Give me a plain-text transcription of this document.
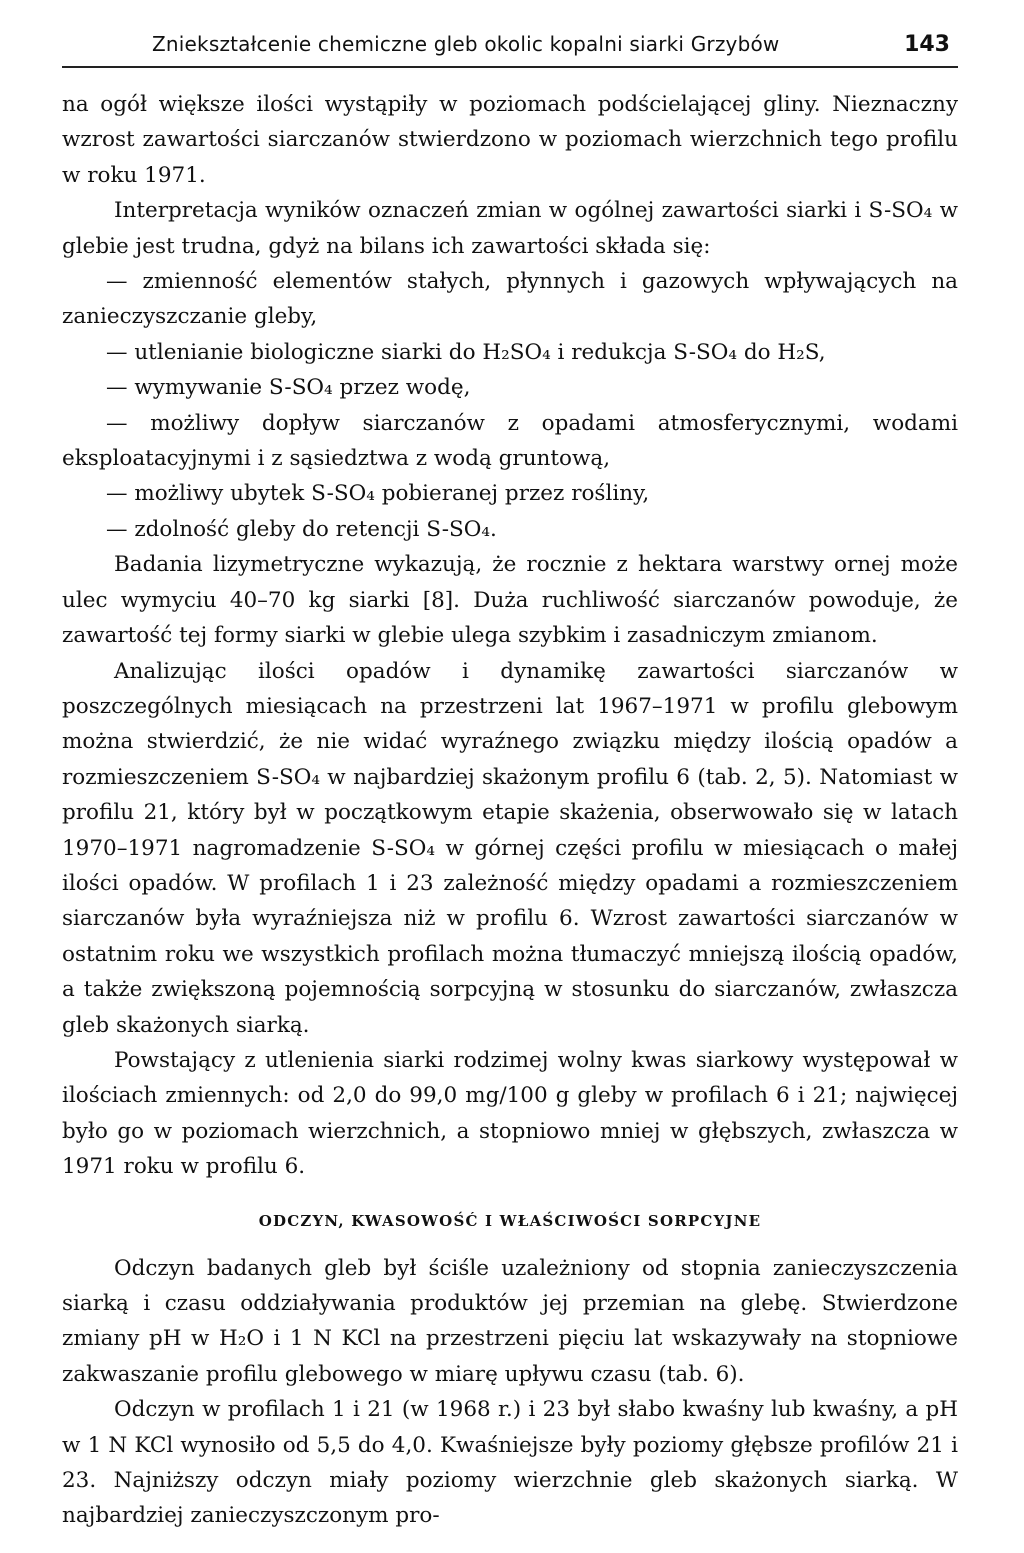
Zniekształcenie chemiczne gleb okolic kopalni siarki Grzybów	143

na ogół większe ilości wystąpiły w poziomach podścielającej gliny. Nieznaczny wzrost zawartości siarczanów stwierdzono w poziomach wierzchnich tego profilu w roku 1971.

Interpretacja wyników oznaczeń zmian w ogólnej zawartości siarki i S-SO₄ w glebie jest trudna, gdyż na bilans ich zawartości składa się:

— zmienność elementów stałych, płynnych i gazowych wpływających na zanieczyszczanie gleby,

— utlenianie biologiczne siarki do H₂SO₄ i redukcja S-SO₄ do H₂S,

— wymywanie S-SO₄ przez wodę,

— możliwy dopływ siarczanów z opadami atmosferycznymi, wodami eksploatacyjnymi i z sąsiedztwa z wodą gruntową,

— możliwy ubytek S-SO₄ pobieranej przez rośliny,

— zdolność gleby do retencji S-SO₄.

Badania lizymetryczne wykazują, że rocznie z hektara warstwy ornej może ulec wymyciu 40–70 kg siarki [8]. Duża ruchliwość siarczanów powoduje, że zawartość tej formy siarki w glebie ulega szybkim i zasadniczym zmianom.

Analizując ilości opadów i dynamikę zawartości siarczanów w poszczególnych miesiącach na przestrzeni lat 1967–1971 w profilu glebowym można stwierdzić, że nie widać wyraźnego związku między ilością opadów a rozmieszczeniem S-SO₄ w najbardziej skażonym profilu 6 (tab. 2, 5). Natomiast w profilu 21, który był w początkowym etapie skażenia, obserwowało się w latach 1970–1971 nagromadzenie S-SO₄ w górnej części profilu w miesiącach o małej ilości opadów. W profilach 1 i 23 zależność między opadami a rozmieszczeniem siarczanów była wyraźniejsza niż w profilu 6. Wzrost zawartości siarczanów w ostatnim roku we wszystkich profilach można tłumaczyć mniejszą ilością opadów, a także zwiększoną pojemnością sorpcyjną w stosunku do siarczanów, zwłaszcza gleb skażonych siarką.

Powstający z utlenienia siarki rodzimej wolny kwas siarkowy występował w ilościach zmiennych: od 2,0 do 99,0 mg/100 g gleby w profilach 6 i 21; najwięcej było go w poziomach wierzchnich, a stopniowo mniej w głębszych, zwłaszcza w 1971 roku w profilu 6.

ODCZYN, KWASOWOŚĆ I WŁAŚCIWOŚCI SORPCYJNE

Odczyn badanych gleb był ściśle uzależniony od stopnia zanieczyszczenia siarką i czasu oddziaływania produktów jej przemian na glebę. Stwierdzone zmiany pH w H₂O i 1 N KCl na przestrzeni pięciu lat wskazywały na stopniowe zakwaszanie profilu glebowego w miarę upływu czasu (tab. 6).

Odczyn w profilach 1 i 21 (w 1968 r.) i 23 był słabo kwaśny lub kwaśny, a pH w 1 N KCl wynosiło od 5,5 do 4,0. Kwaśniejsze były poziomy głębsze profilów 21 i 23. Najniższy odczyn miały poziomy wierzchnie gleb skażonych siarką. W najbardziej zanieczyszczonym pro-
